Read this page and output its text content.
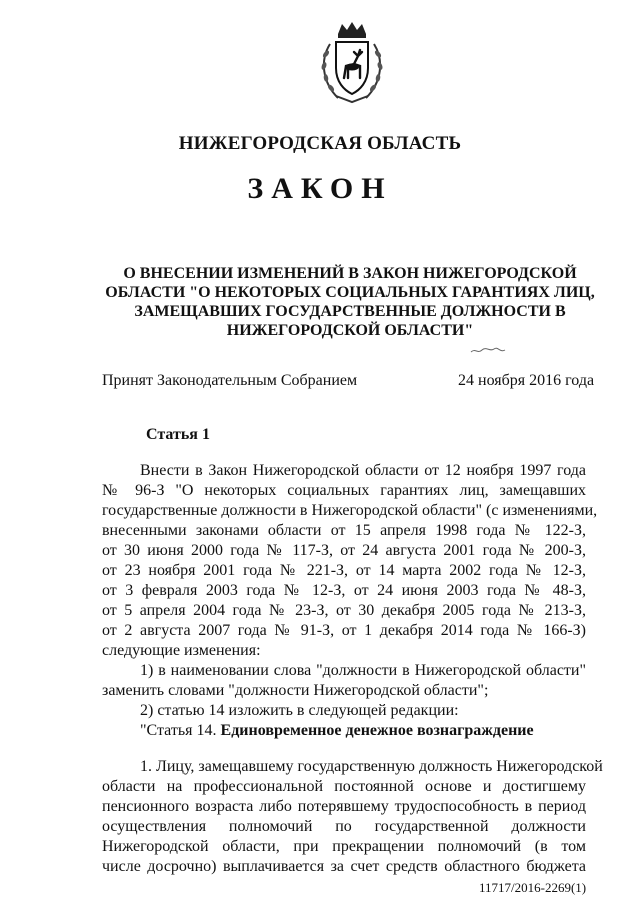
НИЖЕГОРОДСКАЯ ОБЛАСТЬ
ЗАКОН
О ВНЕСЕНИИ ИЗМЕНЕНИЙ В ЗАКОН НИЖЕГОРОДСКОЙ
ОБЛАСТИ "О НЕКОТОРЫХ СОЦИАЛЬНЫХ ГАРАНТИЯХ ЛИЦ,
ЗАМЕЩАВШИХ ГОСУДАРСТВЕННЫЕ ДОЛЖНОСТИ В
НИЖЕГОРОДСКОЙ ОБЛАСТИ"
Принят Законодательным Собранием	24 ноября 2016 года
Статья 1
Внести в Закон Нижегородской области от 12 ноября 1997 года
№ 96-З "О некоторых социальных гарантиях лиц, замещавших
государственные должности в Нижегородской области" (с изменениями,
внесенными законами области от 15 апреля 1998 года № 122-З,
от 30 июня 2000 года № 117-З, от 24 августа 2001 года № 200-З,
от 23 ноября 2001 года № 221-З, от 14 марта 2002 года № 12-З,
от 3 февраля 2003 года № 12-З, от 24 июня 2003 года № 48-З,
от 5 апреля 2004 года № 23-З, от 30 декабря 2005 года № 213-З,
от 2 августа 2007 года № 91-З, от 1 декабря 2014 года № 166-З)
следующие изменения:
1) в наименовании слова "должности в Нижегородской области"
заменить словами "должности Нижегородской области";
2) статью 14 изложить в следующей редакции:
"Статья 14. Единовременное денежное вознаграждение
1. Лицу, замещавшему государственную должность Нижегородской
области на профессиональной постоянной основе и достигшему
пенсионного возраста либо потерявшему трудоспособность в период
осуществления полномочий по государственной должности
Нижегородской области, при прекращении полномочий (в том
числе досрочно) выплачивается за счет средств областного бюджета
11717/2016-2269(1)
